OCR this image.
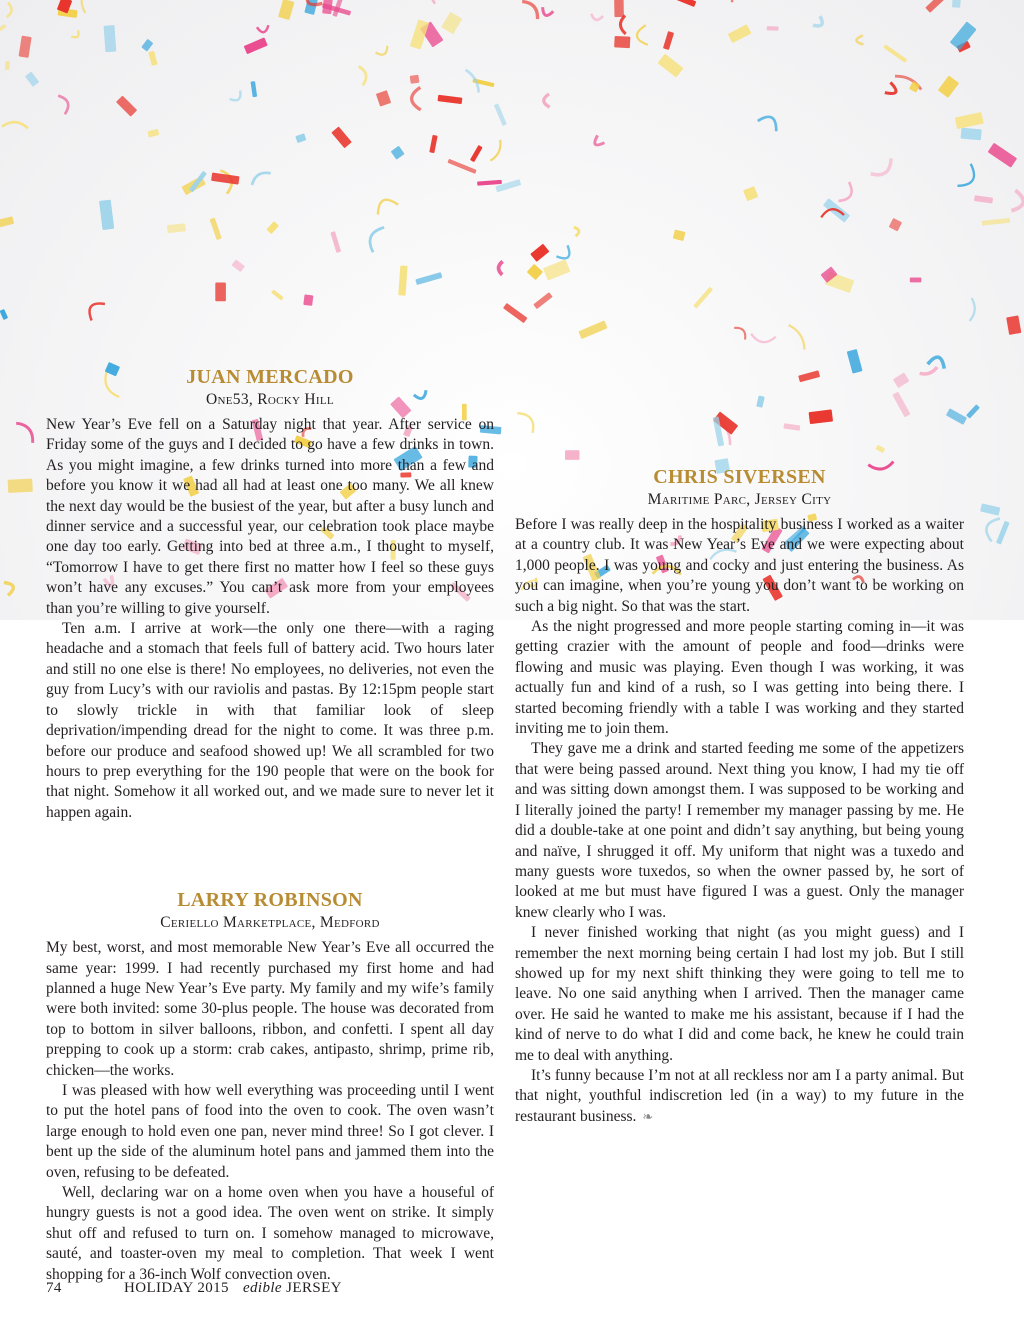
JUAN MERCADO

One53, Rocky Hill

New Year’s Eve fell on a Saturday night that year. After service on Friday some of the guys and I decided to go have a few drinks in town. As you might imagine, a few drinks turned into more than a few and before you know it we had all had at least one too many. We all knew the next day would be the busiest of the year, but after a busy lunch and dinner service and a successful year, our celebration took place maybe one day too early. Getting into bed at three a.m., I thought to myself, “Tomorrow I have to get there first no matter how I feel so these guys won’t have any excuses.” You can’t ask more from your employees than you’re willing to give yourself.

Ten a.m. I arrive at work—the only one there—with a raging headache and a stomach that feels full of battery acid. Two hours later and still no one else is there! No employees, no deliveries, not even the guy from Lucy’s with our raviolis and pastas. By 12:15pm people start to slowly trickle in with that familiar look of sleep deprivation/impending dread for the night to come. It was three p.m. before our produce and seafood showed up! We all scrambled for two hours to prep everything for the 190 people that were on the book for that night. Somehow it all worked out, and we made sure to never let it happen again.

LARRY ROBINSON

Ceriello Marketplace, Medford

My best, worst, and most memorable New Year’s Eve all occurred the same year: 1999. I had recently purchased my first home and had planned a huge New Year’s Eve party. My family and my wife’s family were both invited: some 30-plus people. The house was decorated from top to bottom in silver balloons, ribbon, and confetti. I spent all day prepping to cook up a storm: crab cakes, antipasto, shrimp, prime rib, chicken—the works.

I was pleased with how well everything was proceeding until I went to put the hotel pans of food into the oven to cook. The oven wasn’t large enough to hold even one pan, never mind three! So I got clever. I bent up the side of the aluminum hotel pans and jammed them into the oven, refusing to be defeated.

Well, declaring war on a home oven when you have a houseful of hungry guests is not a good idea. The oven went on strike. It simply shut off and refused to turn on. I somehow managed to microwave, sauté, and toaster-oven my meal to completion. That week I went shopping for a 36-inch Wolf convection oven.

CHRIS SIVERSEN

Maritime Parc, Jersey City

Before I was really deep in the hospitality business I worked as a waiter at a country club. It was New Year’s Eve and we were expecting about 1,000 people. I was young and cocky and just entering the business. As you can imagine, when you’re young you don’t want to be working on such a big night. So that was the start.

As the night progressed and more people starting coming in—it was getting crazier with the amount of people and food—drinks were flowing and music was playing. Even though I was working, it was actually fun and kind of a rush, so I was getting into being there. I started becoming friendly with a table I was working and they started inviting me to join them.

They gave me a drink and started feeding me some of the appetizers that were being passed around. Next thing you know, I had my tie off and was sitting down amongst them. I was supposed to be working and I literally joined the party! I remember my manager passing by me. He did a double-take at one point and didn’t say anything, but being young and naïve, I shrugged it off. My uniform that night was a tuxedo and many guests wore tuxedos, so when the owner passed by, he sort of looked at me but must have figured I was a guest. Only the manager knew clearly who I was.

I never finished working that night (as you might guess) and I remember the next morning being certain I had lost my job. But I still showed up for my next shift thinking they were going to tell me to leave. No one said anything when I arrived. Then the manager came over. He said he wanted to make me his assistant, because if I had the kind of nerve to do what I did and come back, he knew he could train me to deal with anything.

It’s funny because I’m not at all reckless nor am I a party animal. But that night, youthful indiscretion led (in a way) to my future in the restaurant business. ❧

74	HOLIDAY 2015 edible
JERSEY
